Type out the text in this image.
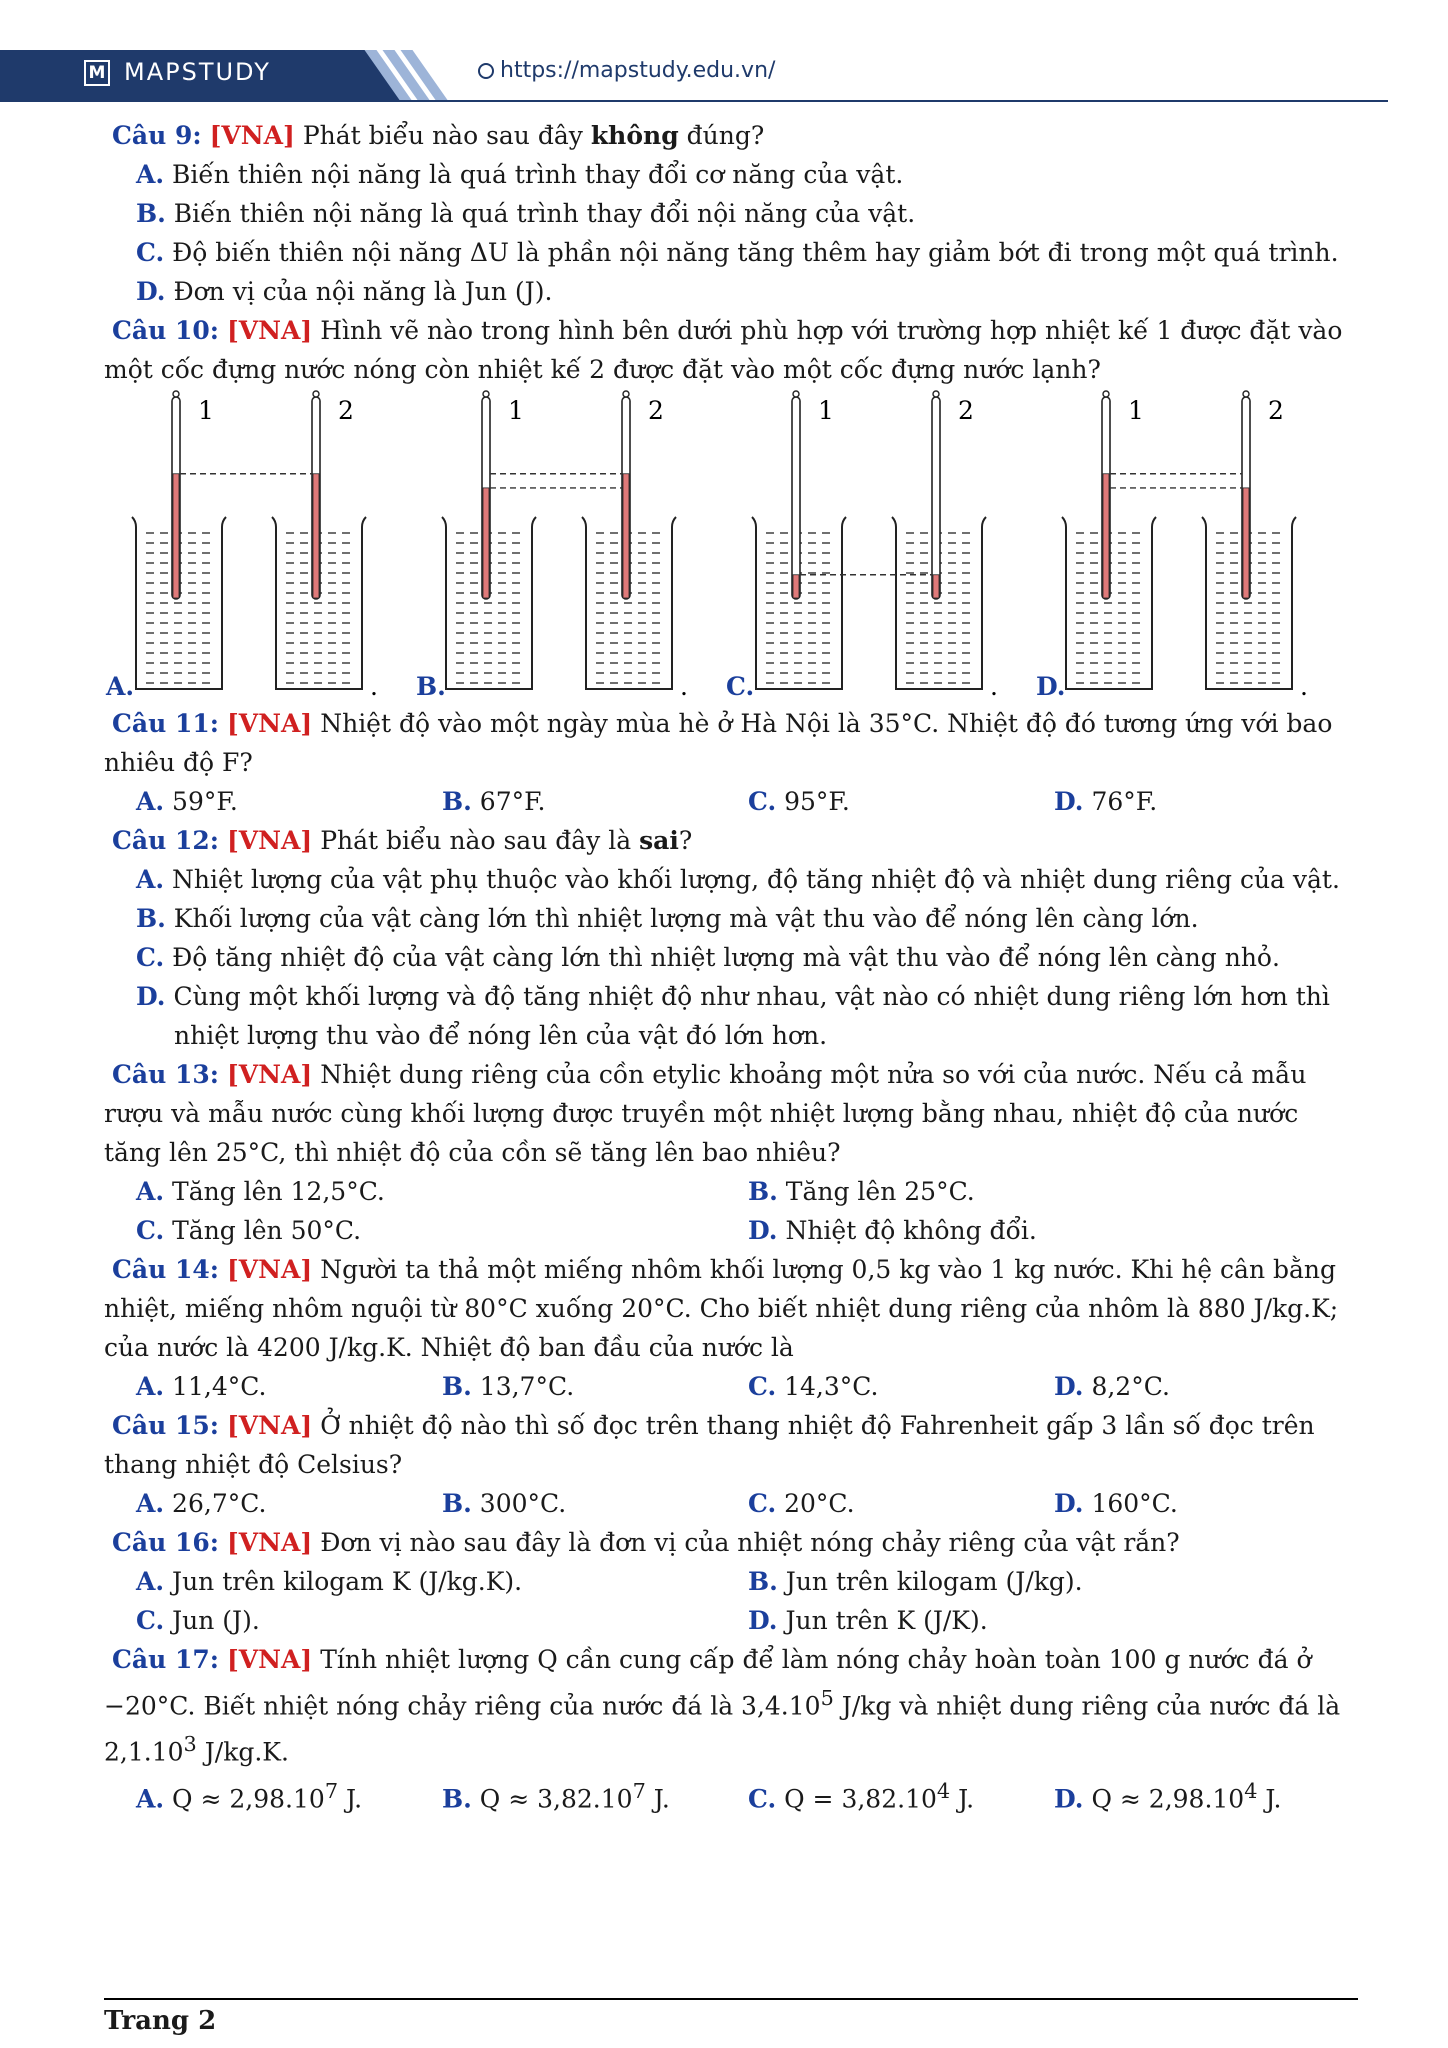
M MAPSTUDY	https://mapstudy.edu.vn/

Câu 9: [VNA] Phát biểu nào sau đây không đúng?

A. Biến thiên nội năng là quá trình thay đổi cơ năng của vật.

B. Biến thiên nội năng là quá trình thay đổi nội năng của vật.

C. Độ biến thiên nội năng ΔU là phần nội năng tăng thêm hay giảm bớt đi trong một quá trình.

D. Đơn vị của nội năng là Jun (J).

Câu 10: [VNA] Hình vẽ nào trong hình bên dưới phù hợp với trường hợp nhiệt kế 1 được đặt vào

một cốc đựng nước nóng còn nhiệt kế 2 được đặt vào một cốc đựng nước lạnh?

1	2
A.	.
1	2
B.	.
1	2
C.	.
1	2
D.	.

Câu 11: [VNA] Nhiệt độ vào một ngày mùa hè ở Hà Nội là 35°C. Nhiệt độ đó tương ứng với bao

nhiêu độ F?

A. 59°F.	B. 67°F.	C. 95°F.	D. 76°F.

Câu 12: [VNA] Phát biểu nào sau đây là sai?

A. Nhiệt lượng của vật phụ thuộc vào khối lượng, độ tăng nhiệt độ và nhiệt dung riêng của vật.

B. Khối lượng của vật càng lớn thì nhiệt lượng mà vật thu vào để nóng lên càng lớn.

C. Độ tăng nhiệt độ của vật càng lớn thì nhiệt lượng mà vật thu vào để nóng lên càng nhỏ.

D. Cùng một khối lượng và độ tăng nhiệt độ như nhau, vật nào có nhiệt dung riêng lớn hơn thì

nhiệt lượng thu vào để nóng lên của vật đó lớn hơn.

Câu 13: [VNA] Nhiệt dung riêng của cồn etylic khoảng một nửa so với của nước. Nếu cả mẫu

rượu và mẫu nước cùng khối lượng được truyền một nhiệt lượng bằng nhau, nhiệt độ của nước

tăng lên 25°C, thì nhiệt độ của cồn sẽ tăng lên bao nhiêu?

A. Tăng lên 12,5°C.	B. Tăng lên 25°C.
C. Tăng lên 50°C.	D. Nhiệt độ không đổi.

Câu 14: [VNA] Người ta thả một miếng nhôm khối lượng 0,5 kg vào 1 kg nước. Khi hệ cân bằng

nhiệt, miếng nhôm nguội từ 80°C xuống 20°C. Cho biết nhiệt dung riêng của nhôm là 880 J/kg.K;

của nước là 4200 J/kg.K. Nhiệt độ ban đầu của nước là

A. 11,4°C.	B. 13,7°C.	C. 14,3°C.	D. 8,2°C.

Câu 15: [VNA] Ở nhiệt độ nào thì số đọc trên thang nhiệt độ Fahrenheit gấp 3 lần số đọc trên

thang nhiệt độ Celsius?

A. 26,7°C.	B. 300°C.	C. 20°C.	D. 160°C.

Câu 16: [VNA] Đơn vị nào sau đây là đơn vị của nhiệt nóng chảy riêng của vật rắn?

A. Jun trên kilogam K (J/kg.K).	B. Jun trên kilogam (J/kg).
C. Jun (J).	D. Jun trên K (J/K).

Câu 17: [VNA] Tính nhiệt lượng Q cần cung cấp để làm nóng chảy hoàn toàn 100 g nước đá ở

−20°C. Biết nhiệt nóng chảy riêng của nước đá là 3,4.10$^5$ J/kg và nhiệt dung riêng của nước đá là

2,1.10$^3$ J/kg.K.

A. $Q \approx 2,98.10^7$ J.	B. $Q \approx 3,82.10^7$ J.	C. $Q = 3,82.10^4$ J.	D. $Q \approx 2,98.10^4$ J.
Trang 2
